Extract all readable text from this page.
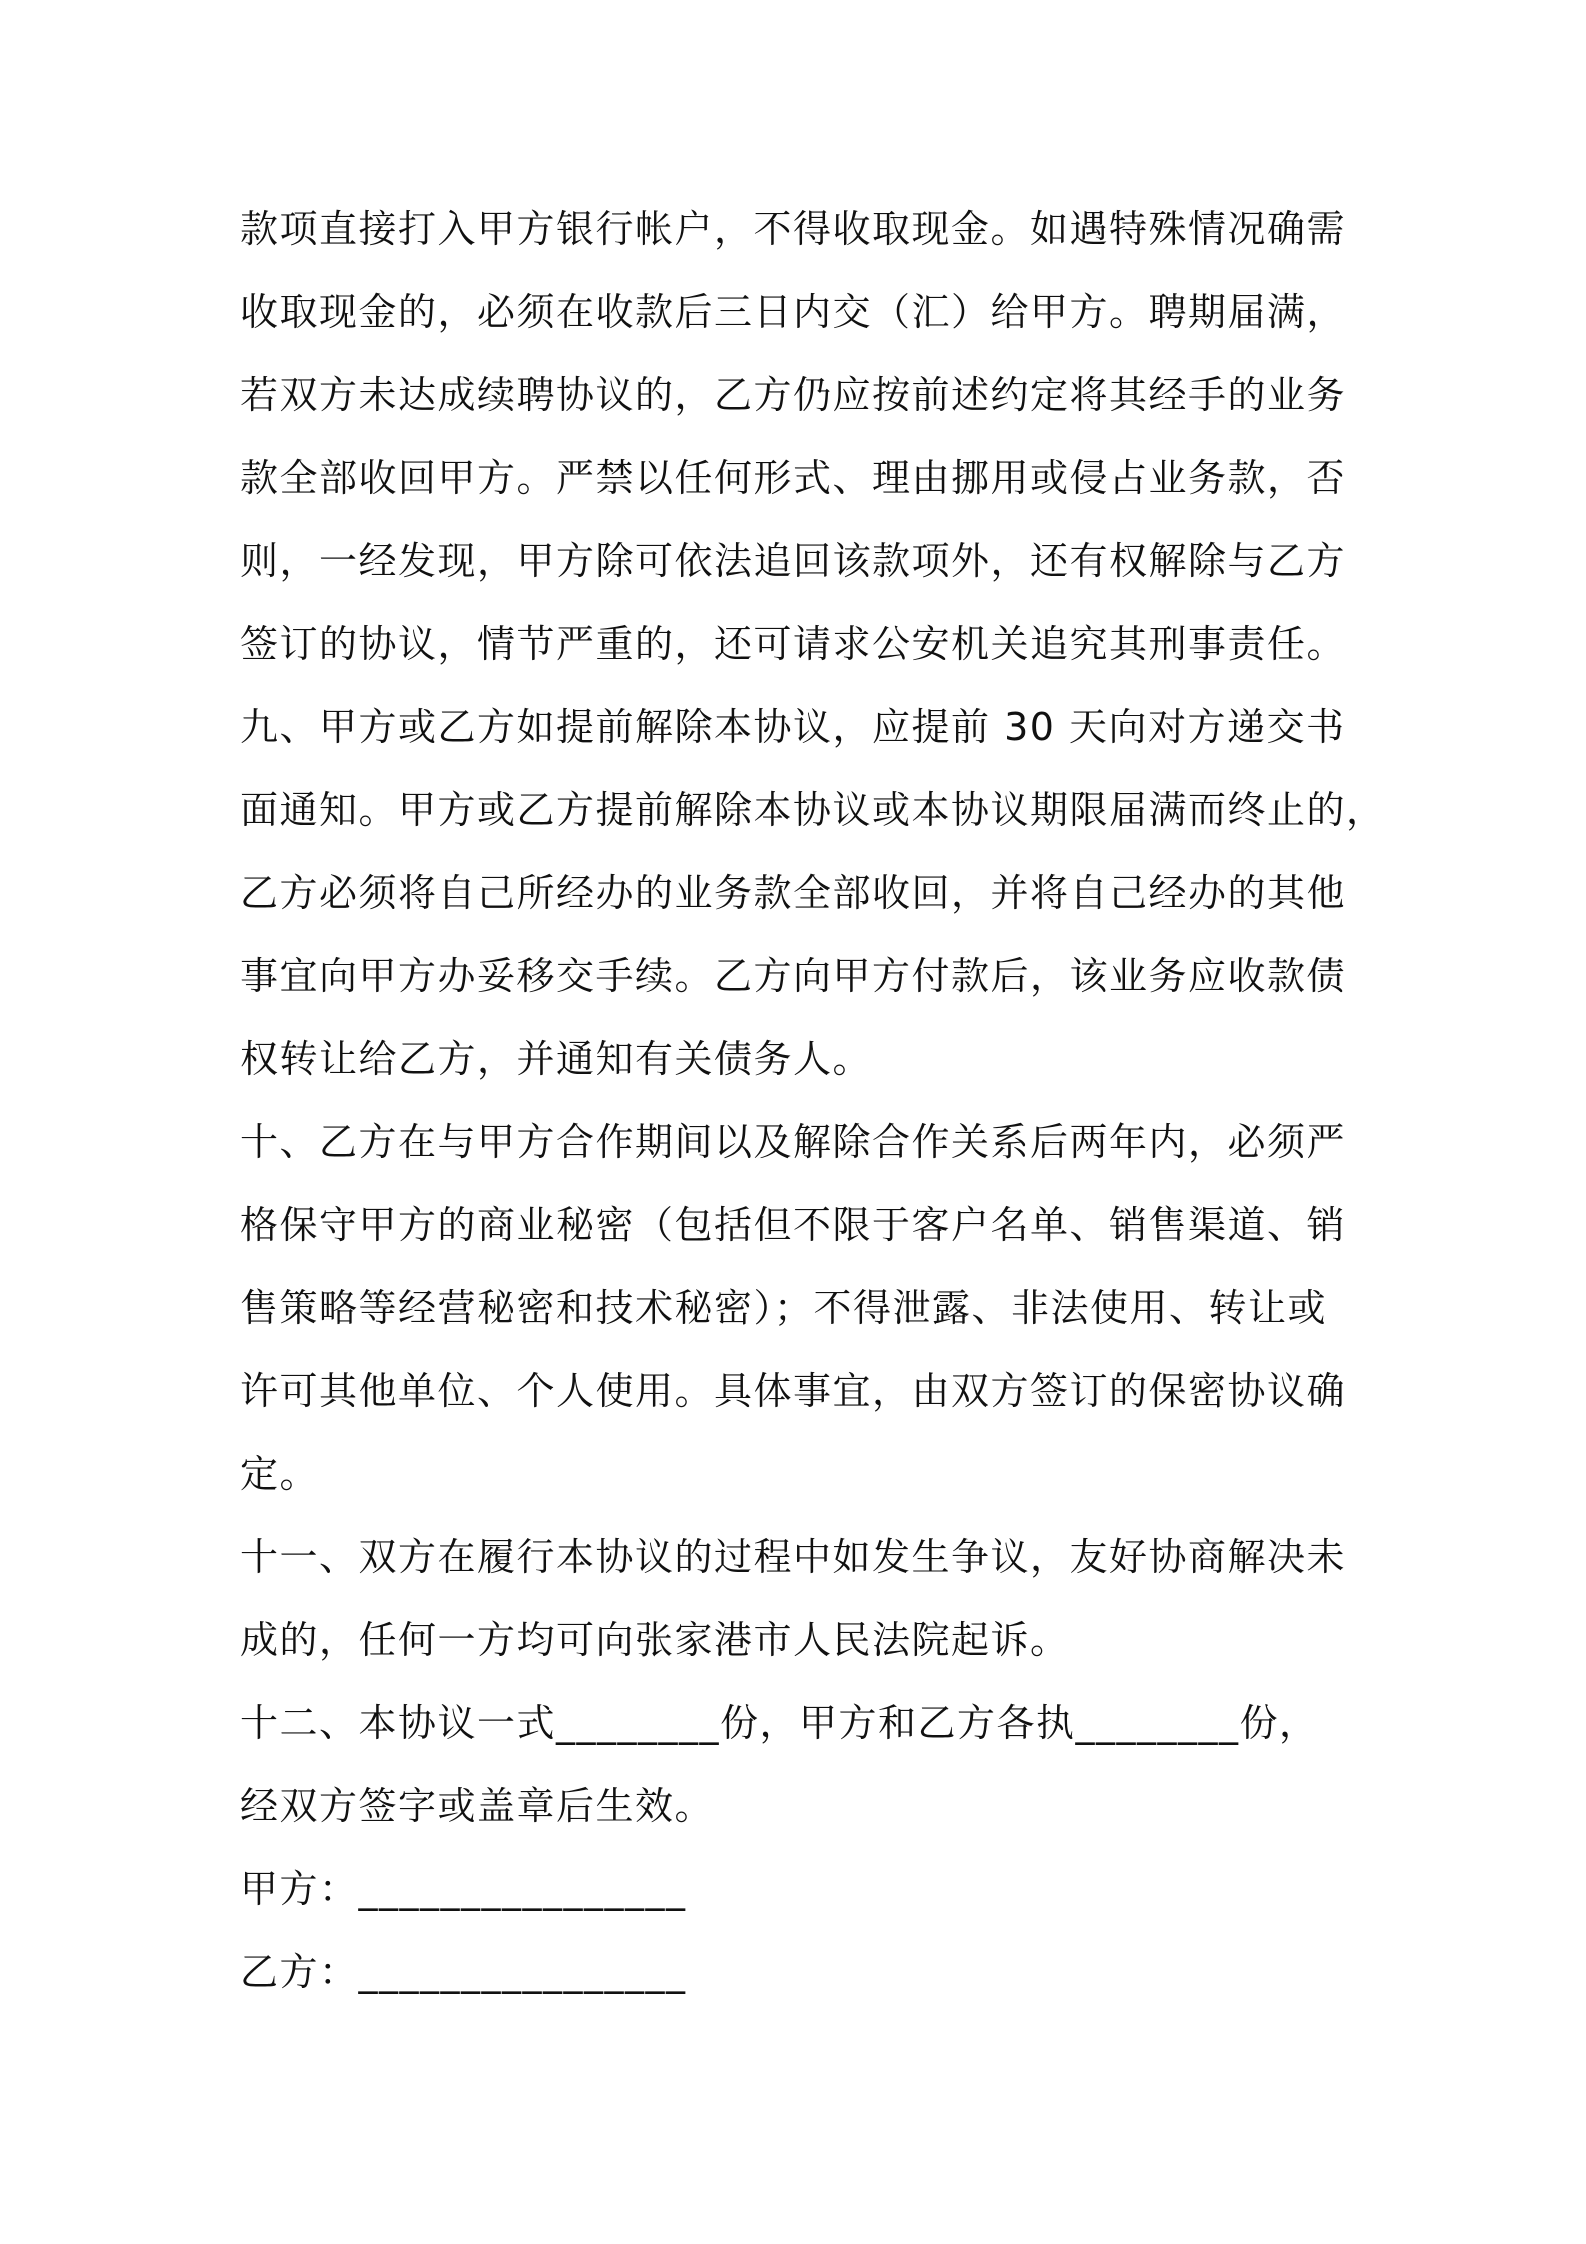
款项直接打入甲方银行帐户，不得收取现金。如遇特殊情况确需

收取现金的，必须在收款后三日内交（汇）给甲方。聘期届满，

若双方未达成续聘协议的，乙方仍应按前述约定将其经手的业务

款全部收回甲方。严禁以任何形式、理由挪用或侵占业务款，否

则，一经发现，甲方除可依法追回该款项外，还有权解除与乙方

签订的协议，情节严重的，还可请求公安机关追究其刑事责任。

九、甲方或乙方如提前解除本协议，应提前 30 天向对方递交书

面通知。甲方或乙方提前解除本协议或本协议期限届满而终止的，

乙方必须将自己所经办的业务款全部收回，并将自己经办的其他

事宜向甲方办妥移交手续。乙方向甲方付款后，该业务应收款债

权转让给乙方，并通知有关债务人。

十、乙方在与甲方合作期间以及解除合作关系后两年内，必须严

格保守甲方的商业秘密（包括但不限于客户名单、销售渠道、销

售策略等经营秘密和技术秘密）；不得泄露、非法使用、转让或

许可其他单位、个人使用。具体事宜，由双方签订的保密协议确

定。

十一、双方在履行本协议的过程中如发生争议，友好协商解决未

成的，任何一方均可向张家港市人民法院起诉。

十二、本协议一式________份，甲方和乙方各执________份，

经双方签字或盖章后生效。

甲方：________________

乙方：________________
